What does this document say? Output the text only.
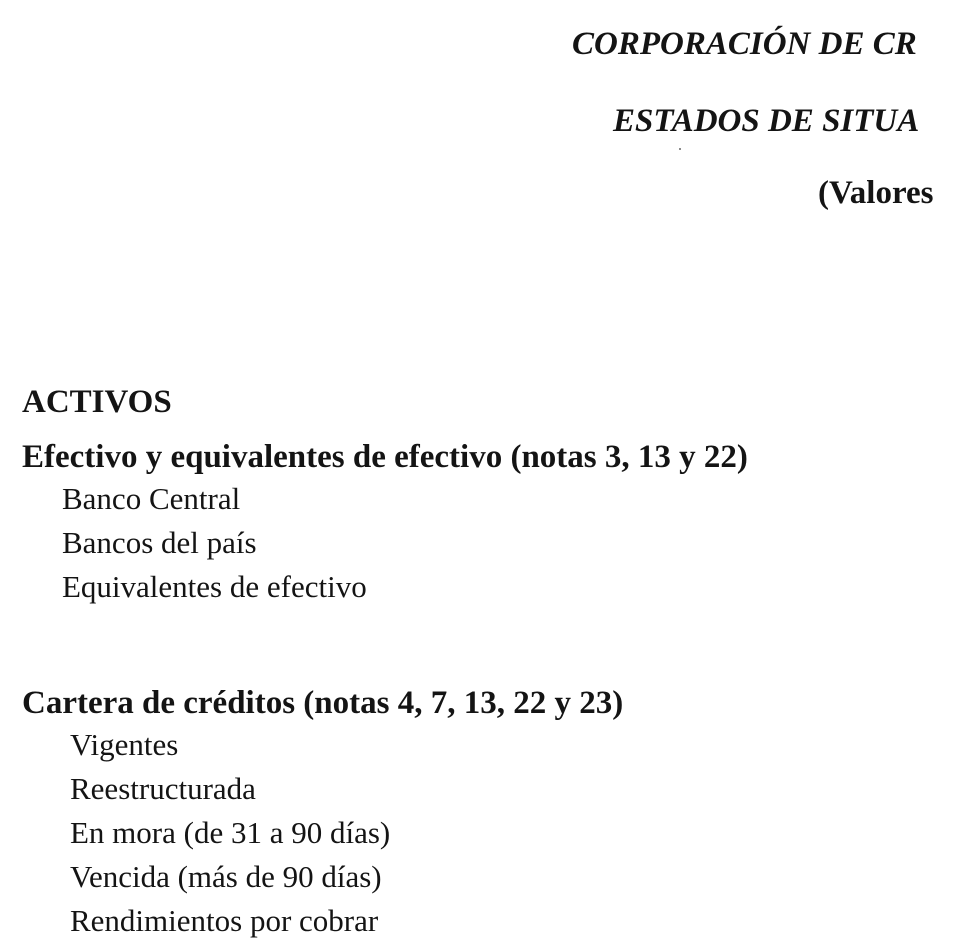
CORPORACIÓN DE CR
ESTADOS DE SITUA
(Valores
ACTIVOS
Efectivo y equivalentes de efectivo (notas 3, 13 y 22)
Banco Central
Bancos del país
Equivalentes de efectivo
Cartera de créditos (notas 4, 7, 13, 22 y 23)
Vigentes
Reestructurada
En mora (de 31 a 90 días)
Vencida (más de 90 días)
Rendimientos por cobrar
